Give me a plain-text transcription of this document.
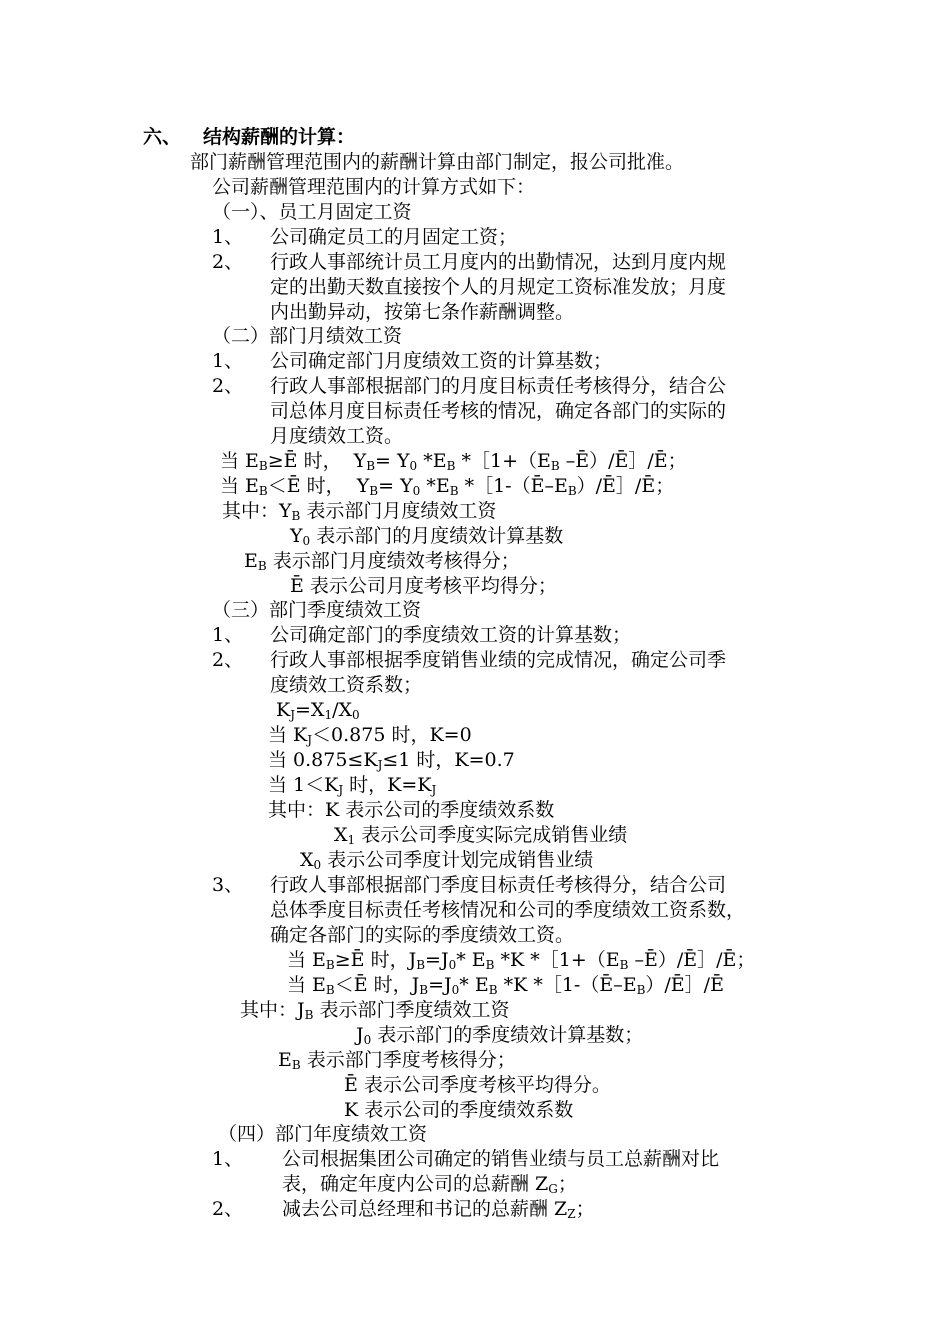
六、 结构薪酬的计算：
部门薪酬管理范围内的薪酬计算由部门制定，报公司批准。
公司薪酬管理范围内的计算方式如下：
（一）、员工月固定工资
1、 公司确定员工的月固定工资；
2、 行政人事部统计员工月度内的出勤情况，达到月度内规
定的出勤天数直接按个人的月规定工资标准发放；月度
内出勤异动，按第七条作薪酬调整。
（二）部门月绩效工资
1、 公司确定部门月度绩效工资的计算基数；
2、 行政人事部根据部门的月度目标责任考核得分，结合公
司总体月度目标责任考核的情况，确定各部门的实际的
月度绩效工资。
当 $E_B\ge Ē$ 时，  $Y_B= Y_0$ $*E_B$ $*[1+(E_B$ –Ē）/Ē］/Ē；
当 $E_B<Ē$ 时，  $Y_B= Y_0$ $*E_B$ $*[1-(Ē-E_B)/Ē]/Ē$；
其中：$Y_B$ 表示部门月度绩效工资
$Y_0$ 表示部门的月度绩效计算基数
$E_B$ 表示部门月度绩效考核得分；
Ē 表示公司月度考核平均得分；
（三）部门季度绩效工资
1、 公司确定部门的季度绩效工资的计算基数；
2、 行政人事部根据季度销售业绩的完成情况，确定公司季
度绩效工资系数；
$K_J=X_1/X_0$
当 $K_J<0.875$ 时，K=0
当 $0.875\le K_J\le 1$ 时，K=0.7
当 $1<K_J$ 时，$K=K_J$
其中：K 表示公司的季度绩效系数
$X_1$ 表示公司季度实际完成销售业绩
$X_0$ 表示公司季度计划完成销售业绩
3、 行政人事部根据部门季度目标责任考核得分，结合公司
总体季度目标责任考核情况和公司的季度绩效工资系数，
确定各部门的实际的季度绩效工资。
当 $E_B\ge Ē$ 时，$J_B=J_0*$ $E_B$ *K $*[1+(E_B$ –Ē）/Ē］/Ē；
当 $E_B<Ē$ 时，$J_B=J_0*$ $E_B$ *K $*[1-(Ē-E_B)/Ē]/Ē$
其中：$J_B$ 表示部门季度绩效工资
$J_0$ 表示部门的季度绩效计算基数；
$E_B$ 表示部门季度考核得分；
Ē 表示公司季度考核平均得分。
K 表示公司的季度绩效系数
（四）部门年度绩效工资
1、 公司根据集团公司确定的销售业绩与员工总薪酬对比
表，确定年度内公司的总薪酬 $Z_G$；
2、 减去公司总经理和书记的总薪酬 $Z_Z$；
